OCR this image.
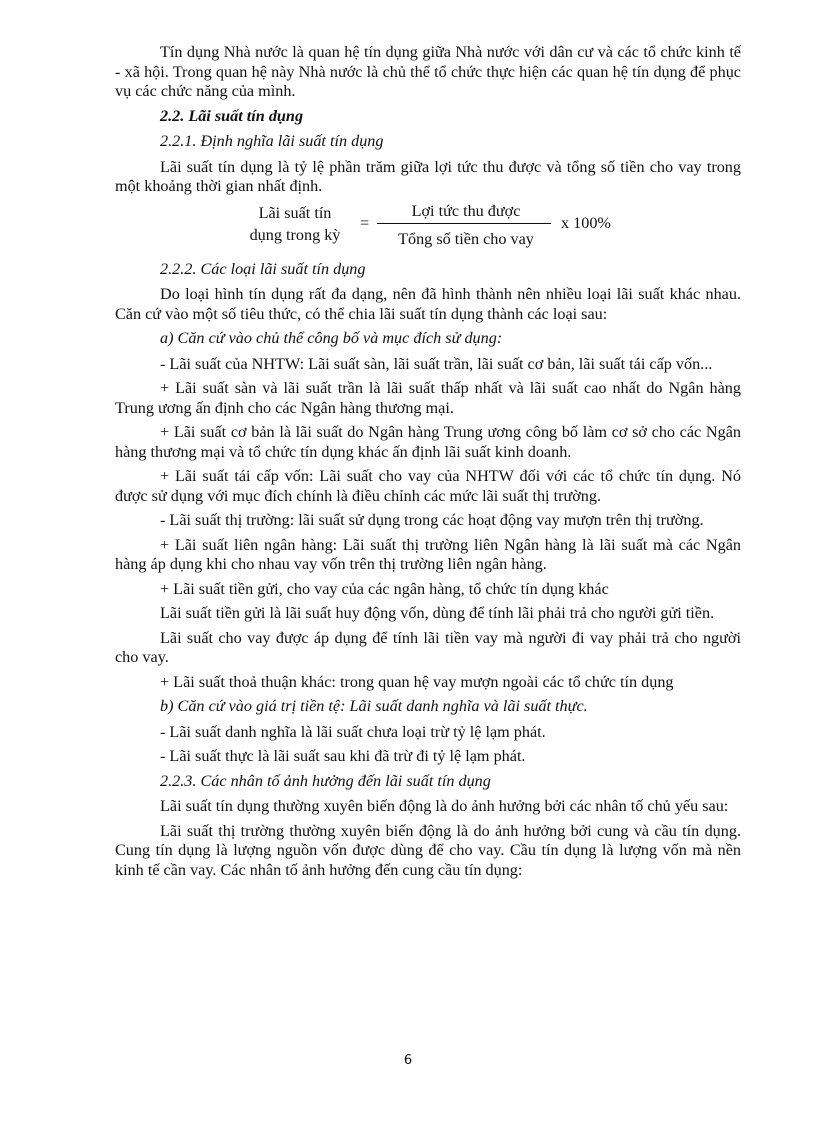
Tín dụng Nhà nước là quan hệ tín dụng giữa Nhà nước với dân cư và các tổ chức kinh tế - xã hội. Trong quan hệ này Nhà nước là chủ thể tổ chức thực hiện các quan hệ tín dụng để phục vụ các chức năng của mình.
2.2. Lãi suất tín dụng
2.2.1. Định nghĩa lãi suất tín dụng
Lãi suất tín dụng là tỷ lệ phần trăm giữa lợi tức thu được và tổng số tiền cho vay trong một khoảng thời gian nhất định.
Lãi suất tín
dụng trong kỳ
=
Lợi tức thu được
Tổng số tiền cho vay
x 100%
2.2.2. Các loại lãi suất tín dụng
Do loại hình tín dụng rất đa dạng, nên đã hình thành nên nhiều loại lãi suất khác nhau. Căn cứ vào một số tiêu thức, có thể chia lãi suất tín dụng thành các loại sau:
a) Căn cứ vào chủ thể công bố và mục đích sử dụng:
- Lãi suất của NHTW: Lãi suất sàn, lãi suất trần, lãi suất cơ bản, lãi suất tái cấp vốn...
+ Lãi suất sàn và lãi suất trần là lãi suất thấp nhất và lãi suất cao nhất do Ngân hàng Trung ương ấn định cho các Ngân hàng thương mại.
+ Lãi suất cơ bản là lãi suất do Ngân hàng Trung ương công bố làm cơ sở cho các Ngân hàng thương mại và tổ chức tín dụng khác ấn định lãi suất kinh doanh.
+ Lãi suất tái cấp vốn: Lãi suất cho vay của NHTW đối với các tổ chức tín dụng. Nó được sử dụng với mục đích chính là điều chỉnh các mức lãi suất thị trường.
- Lãi suất thị trường: lãi suất sử dụng trong các hoạt động vay mượn trên thị trường.
+ Lãi suất liên ngân hàng: Lãi suất thị trường liên Ngân hàng là lãi suất mà các Ngân hàng áp dụng khi cho nhau vay vốn trên thị trường liên ngân hàng.
+ Lãi suất tiền gửi, cho vay của các ngân hàng, tổ chức tín dụng khác
Lãi suất tiền gửi là lãi suất huy động vốn, dùng để tính lãi phải trả cho người gửi tiền.
Lãi suất cho vay được áp dụng để tính lãi tiền vay mà người đi vay phải trả cho người cho vay.
+ Lãi suất thoả thuận khác: trong quan hệ vay mượn ngoài các tổ chức tín dụng
b) Căn cứ vào giá trị tiền tệ: Lãi suất danh nghĩa và lãi suất thực.
- Lãi suất danh nghĩa là lãi suất chưa loại trừ tỷ lệ lạm phát.
- Lãi suất thực là lãi suất sau khi đã trừ đi tỷ lệ lạm phát.
2.2.3. Các nhân tố ảnh hưởng đến lãi suất tín dụng
Lãi suất tín dụng thường xuyên biến động là do ảnh hưởng bởi các nhân tố chủ yếu sau:
Lãi suất thị trường thường xuyên biến động là do ảnh hưởng bởi cung và cầu tín dụng. Cung tín dụng là lượng nguồn vốn được dùng để cho vay. Cầu tín dụng là lượng vốn mà nền kinh tế cần vay. Các nhân tố ảnh hưởng đến cung cầu tín dụng:
6
